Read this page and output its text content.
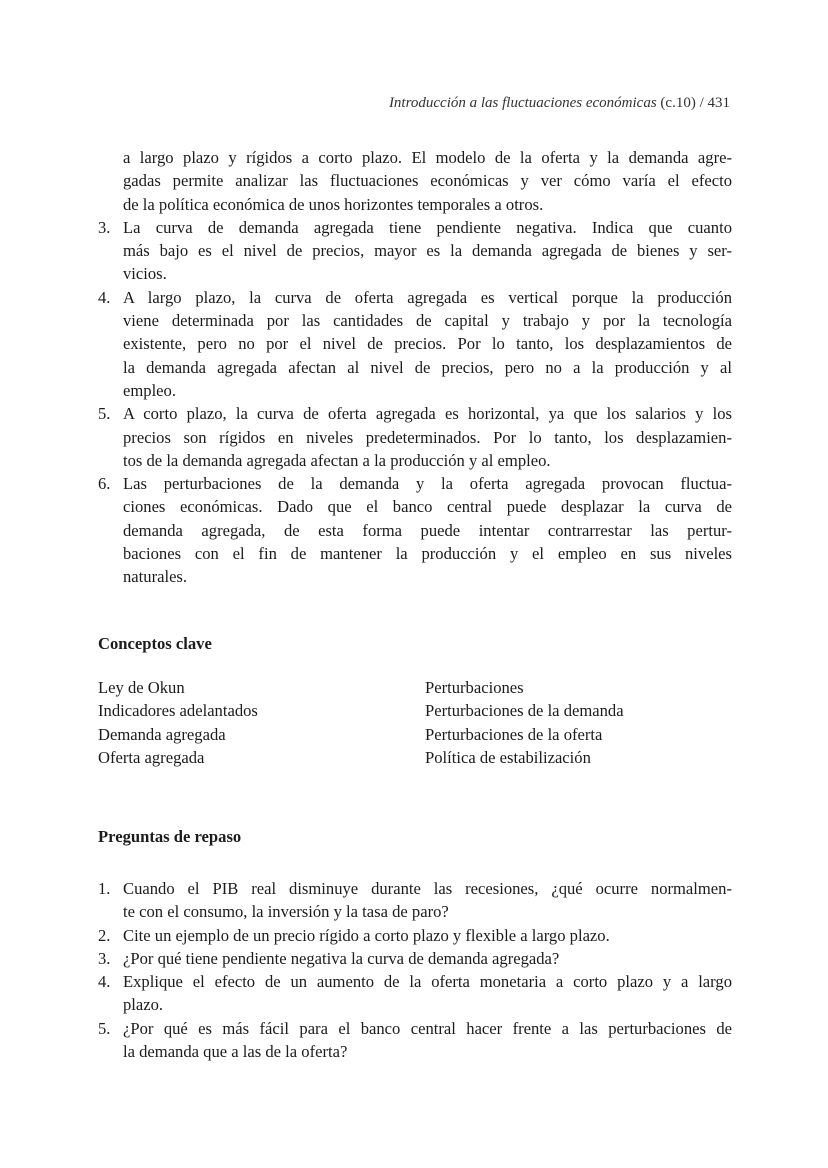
Introducción a las fluctuaciones económicas (c.10) / 431

a largo plazo y rígidos a corto plazo. El modelo de la oferta y la demanda agre-

gadas permite analizar las fluctuaciones económicas y ver cómo varía el efecto

de la política económica de unos horizontes temporales a otros.

3. La curva de demanda agregada tiene pendiente negativa. Indica que cuanto

más bajo es el nivel de precios, mayor es la demanda agregada de bienes y ser-

vicios.

4. A largo plazo, la curva de oferta agregada es vertical porque la producción

viene determinada por las cantidades de capital y trabajo y por la tecnología

existente, pero no por el nivel de precios. Por lo tanto, los desplazamientos de

la demanda agregada afectan al nivel de precios, pero no a la producción y al

empleo.

5. A corto plazo, la curva de oferta agregada es horizontal, ya que los salarios y los

precios son rígidos en niveles predeterminados. Por lo tanto, los desplazamien-

tos de la demanda agregada afectan a la producción y al empleo.

6. Las perturbaciones de la demanda y la oferta agregada provocan fluctua-

ciones económicas. Dado que el banco central puede desplazar la curva de

demanda agregada, de esta forma puede intentar contrarrestar las pertur-

baciones con el fin de mantener la producción y el empleo en sus niveles

naturales.

Conceptos clave

Ley de Okun

Indicadores adelantados

Demanda agregada

Oferta agregada

Perturbaciones

Perturbaciones de la demanda

Perturbaciones de la oferta

Política de estabilización

Preguntas de repaso
1. Cuando el PIB real disminuye durante las recesiones, ¿qué ocurre normalmen-

te con el consumo, la inversión y la tasa de paro?

2. Cite un ejemplo de un precio rígido a corto plazo y flexible a largo plazo.

3. ¿Por qué tiene pendiente negativa la curva de demanda agregada?

4. Explique el efecto de un aumento de la oferta monetaria a corto plazo y a largo

plazo.

5. ¿Por qué es más fácil para el banco central hacer frente a las perturbaciones de

la demanda que a las de la oferta?
